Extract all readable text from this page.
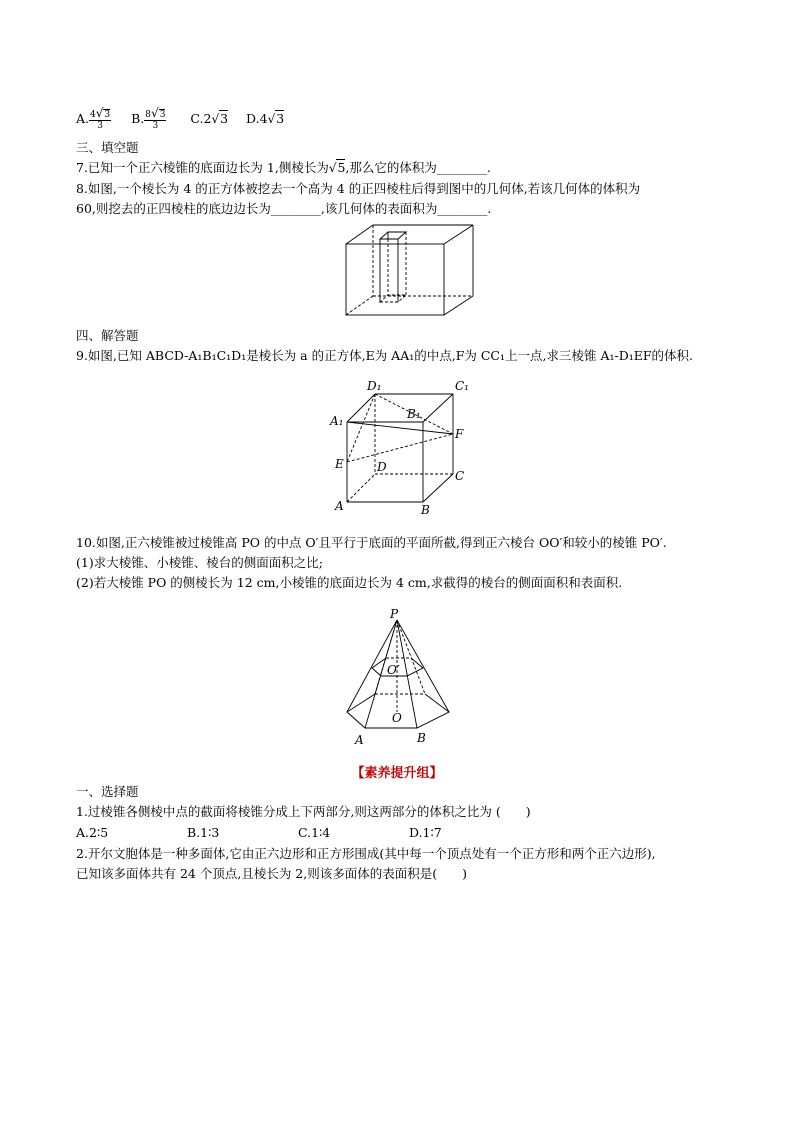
A. $\frac{4√3}{3} B$. $\frac{8√3}{3} C.2√3$ D.4√3
三、填空题
7.已知一个正六棱锥的底面边长为 1,侧棱长为√5,那么它的体积为________.
8.如图,一个棱长为 4 的正方体被挖去一个高为 4 的正四棱柱后得到图中的几何体,若该几何体的体积为
60,则挖去的正四棱柱的底边边长为________,该几何体的表面积为________.
四、解答题
9.如图,已知 ABCD-A₁B₁C₁D₁是棱长为 a 的正方体,E为 AA₁的中点,F为 CC₁上一点,求三棱锥 A₁-D₁EF的体积.
D₁	C₁
B₁
A₁
F
E	D
C
A	B
10.如图,正六棱锥被过棱锥高 PO 的中点 O′且平行于底面的平面所截,得到正六棱台 OO′和较小的棱锥 PO′.
(1)求大棱锥、小棱锥、棱台的侧面面积之比;
(2)若大棱锥 PO 的侧棱长为 12 cm,小棱锥的底面边长为 4 cm,求截得的棱台的侧面面积和表面积.
P
O′
O
A	B
【素养提升组】
一、选择题
1.过棱锥各侧棱中点的截面将棱锥分成上下两部分,则这两部分的体积之比为 (　　)
A.2∶5	B.1∶3	C.1∶4	D.1∶7
2.开尔文胞体是一种多面体,它由正六边形和正方形围成(其中每一个顶点处有一个正方形和两个正六边形),
已知该多面体共有 24 个顶点,且棱长为 2,则该多面体的表面积是(　　)
